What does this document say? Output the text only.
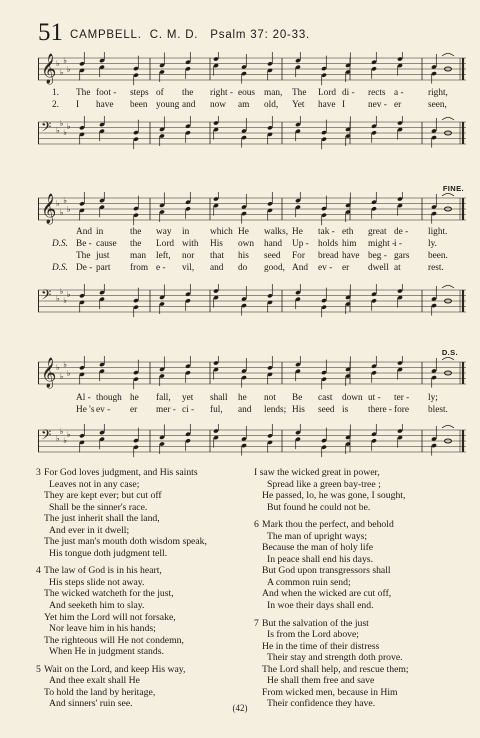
51 CAMPBELL.  C. M. D.   Psalm 37: 20-33.
𝄞 ♭
♭
♭
♭
1. The foot - steps of the right - eous man, The Lord di - rects a -	right,
2. I have been young and now am old, Yet have I nev - er	seen,
𝄢 ♭
♭
♭
♭
FINE.
𝄞 ♭
♭
♭
♭
And in	the way in which He walks, He tak - eth great de - light.
D.S. Be - cause the Lord with His own hand Up - holds him might -
i -	ly.
The just man left, nor that his seed For bread have beg - gars been.
D.S. De - part from e - vil, and do good, And ev - er dwell at	rest.
𝄢 ♭
♭
♭
♭
D.S.
𝄞 ♭
♭
♭
♭
Al - though he fall, yet shall he not Be cast down ut - ter - ly;
He 's ev - er mer - ci - ful, and lends; His seed is there - fore blest.
𝄢 ♭
♭
♭
♭
3 For God loves judgment, and His saints
Leaves not in any case;
They are kept ever; but cut off
Shall be the sinner's race.
The just inherit shall the land,
And ever in it dwell;
The just man's mouth doth wisdom speak,
His tongue doth judgment tell.
4 The law of God is in his heart,
His steps slide not away.
The wicked watcheth for the just,
And seeketh him to slay.
Yet him the Lord will not forsake,
Nor leave him in his hands;
The righteous will He not condemn,
When He in judgment stands.
5 Wait on the Lord, and keep His way,
And thee exalt shall He
To hold the land by heritage,
And sinners' ruin see.
I saw the wicked great in power,
Spread like a green bay-tree ;
He passed, lo, he was gone, I sought,
But found he could not be.
6 Mark thou the perfect, and behold
The man of upright ways;
Because the man of holy life
In peace shall end his days.
But God upon transgressors shall
A common ruin send;
And when the wicked are cut off,
In woe their days shall end.
7 But the salvation of the just
Is from the Lord above;
He in the time of their distress
Their stay and strength doth prove.
The Lord shall help, and rescue them;
He shall them free and save
From wicked men, because in Him
Their confidence they have.
(42)
